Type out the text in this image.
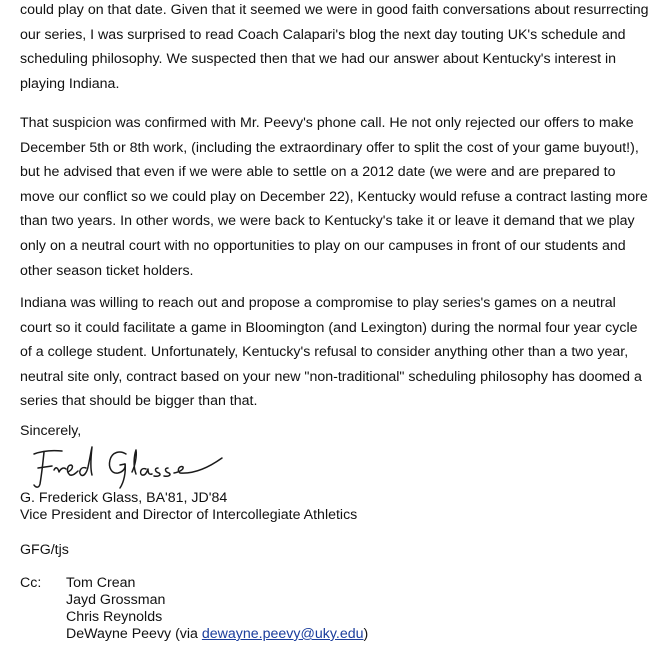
could play on that date. Given that it seemed we were in good faith conversations about resurrecting our series, I was surprised to read Coach Calapari's blog the next day touting UK's schedule and scheduling philosophy. We suspected then that we had our answer about Kentucky's interest in playing Indiana.

That suspicion was confirmed with Mr. Peevy's phone call. He not only rejected our offers to make December 5th or 8th work, (including the extraordinary offer to split the cost of your game buyout!), but he advised that even if we were able to settle on a 2012 date (we were and are prepared to move our conflict so we could play on December 22), Kentucky would refuse a contract lasting more than two years. In other words, we were back to Kentucky's take it or leave it demand that we play only on a neutral court with no opportunities to play on our campuses in front of our students and other season ticket holders.

Indiana was willing to reach out and propose a compromise to play series's games on a neutral court so it could facilitate a game in Bloomington (and Lexington) during the normal four year cycle of a college student. Unfortunately, Kentucky's refusal to consider anything other than a two year, neutral site only, contract based on your new "non-traditional" scheduling philosophy has doomed a series that should be bigger than that.

Sincerely,
G. Frederick Glass, BA'81, JD'84
Vice President and Director of Intercollegiate Athletics
GFG/tjs
Cc: Tom Crean
Jayd Grossman
Chris Reynolds
DeWayne Peevy (via dewayne.peevy@uky.edu)
